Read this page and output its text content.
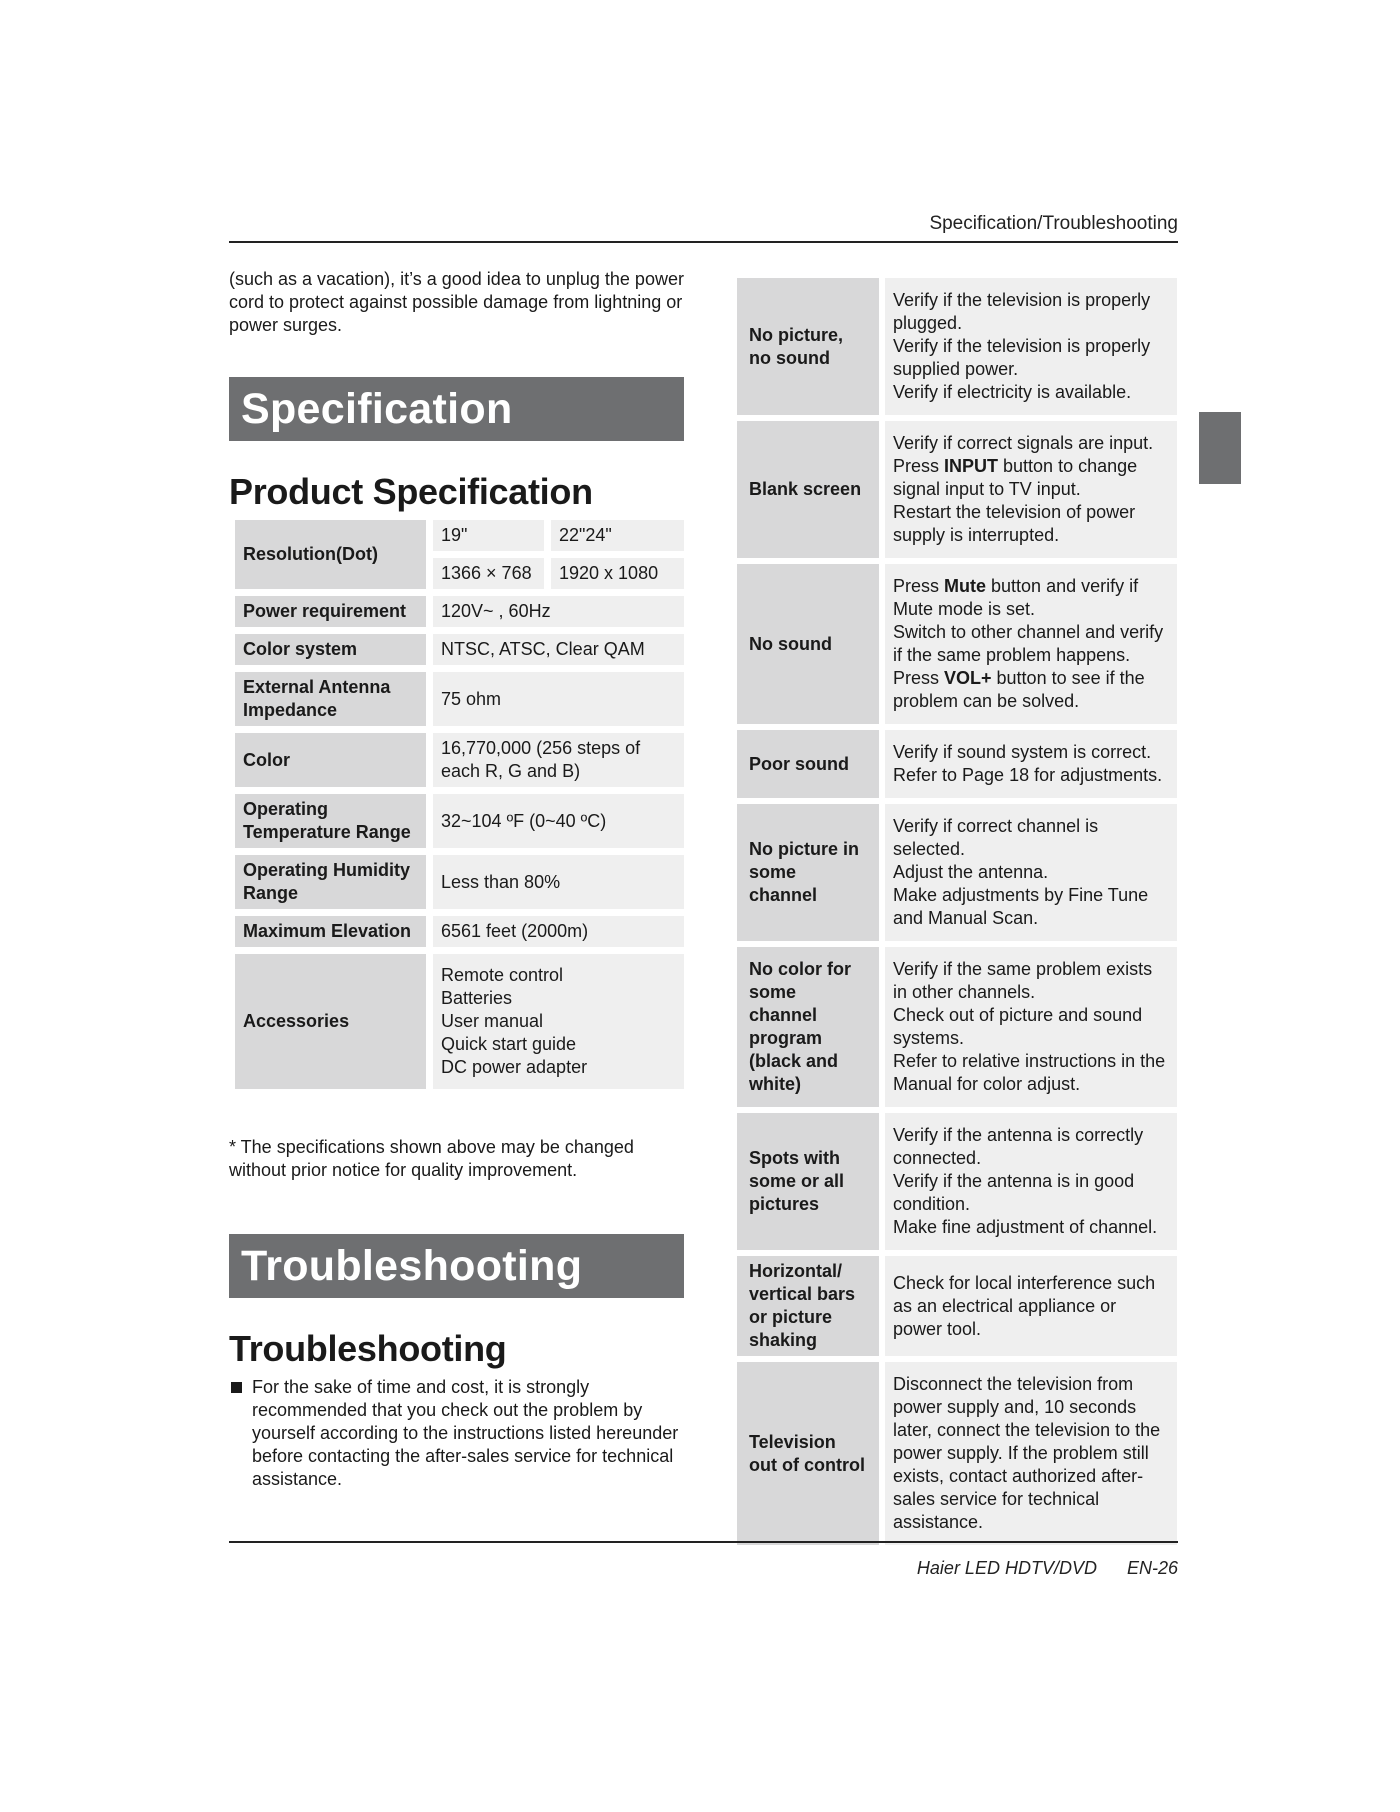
Specification/Troubleshooting

(such as a vacation), it’s a good idea to unplug the power cord to protect against possible damage from lightning or power surges.

Specification
Product Specification
Resolution(Dot)	19"	22"24"
	1366 × 768	1920 x 1080
Power requirement	120V~ , 60Hz	
Color system	NTSC, ATSC, Clear QAM	
External Antenna Impedance	75 ohm	
Color	16,770,000 (256 steps of each R, G and B)	
Operating Temperature Range	32~104 ºF (0~40 ºC)	
Operating Humidity Range	Less than 80%	
Maximum Elevation	6561 feet (2000m)	
Accessories	Remote control
Batteries
User manual
Quick start guide
DC power adapter	

* The specifications shown above may be changed without prior notice for quality improvement.

Troubleshooting
Troubleshooting
For the sake of time and cost, it is strongly recommended that you check out the problem by yourself according to the instructions listed hereunder before contacting the after-sales service for technical assistance.
No picture, no sound	Verify if the television is properly plugged.
Verify if the television is properly supplied power.
Verify if electricity is available.

Blank screen	Verify if correct signals are input.
Press INPUT button to change signal input to TV input.
Restart the television of power supply is interrupted.

No sound	Press Mute button and verify if Mute mode is set.
Switch to other channel and verify if the same problem happens.
Press VOL+ button to see if the problem can be solved.

Poor sound	Verify if sound system is correct.
Refer to Page 18 for adjustments.

No picture in some channel	Verify if correct channel is selected.
Adjust the antenna.
Make adjustments by Fine Tune and Manual Scan.

No color for some channel program (black and white)	Verify if the same problem exists in other channels.
Check out of picture and sound systems.
Refer to relative instructions in the Manual for color adjust.

Spots with some or all pictures	Verify if the antenna is correctly connected.
Verify if the antenna is in good condition.
Make fine adjustment of channel.

Horizontal/ vertical bars or picture shaking	Check for local interference such as an electrical appliance or power tool.

Television out of control	Disconnect the television from power supply and, 10 seconds later, connect the television to the power supply. If the problem still exists, contact authorized after-sales service for technical assistance.
Haier LED HDTV/DVD EN-26
